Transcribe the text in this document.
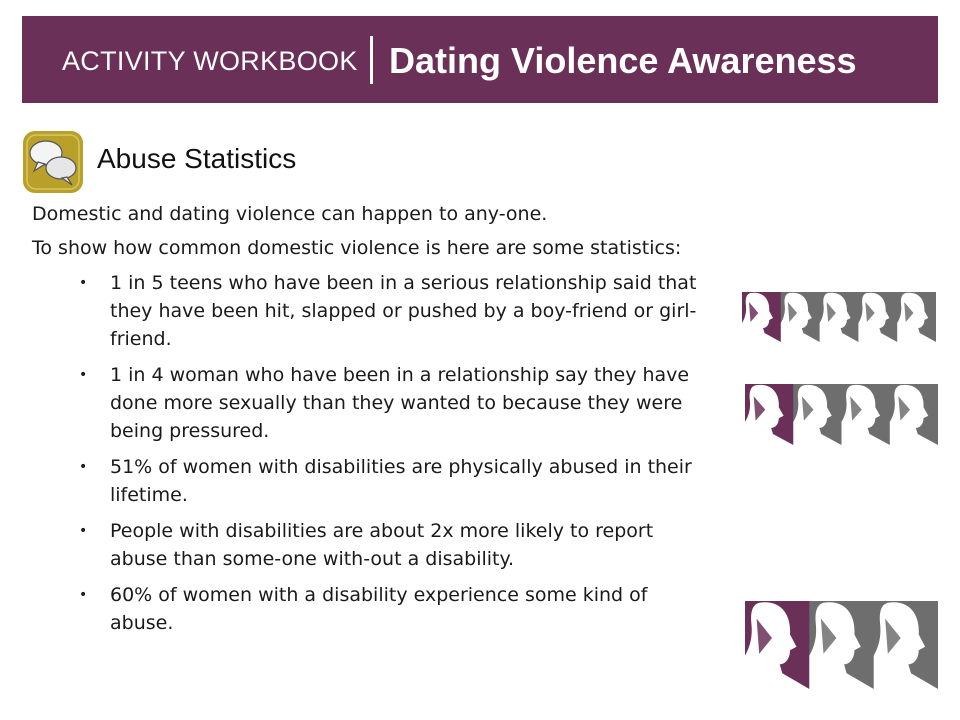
ACTIVITY WORKBOOK Dating Violence Awareness
Abuse Statistics

Domestic and dating violence can happen to any-one.

To show how common domestic violence is here are some statistics:

• 1 in 5 teens who have been in a serious relationship said that they have been hit, slapped or pushed by a boy-friend or girl-friend.
• 1 in 4 woman who have been in a relationship say they have done more sexually than they wanted to because they were being pressured.
• 51% of women with disabilities are physically abused in their lifetime.
• People with disabilities are about 2x more likely to report abuse than some-one with-out a disability.
• 60% of women with a disability experience some kind of abuse.
